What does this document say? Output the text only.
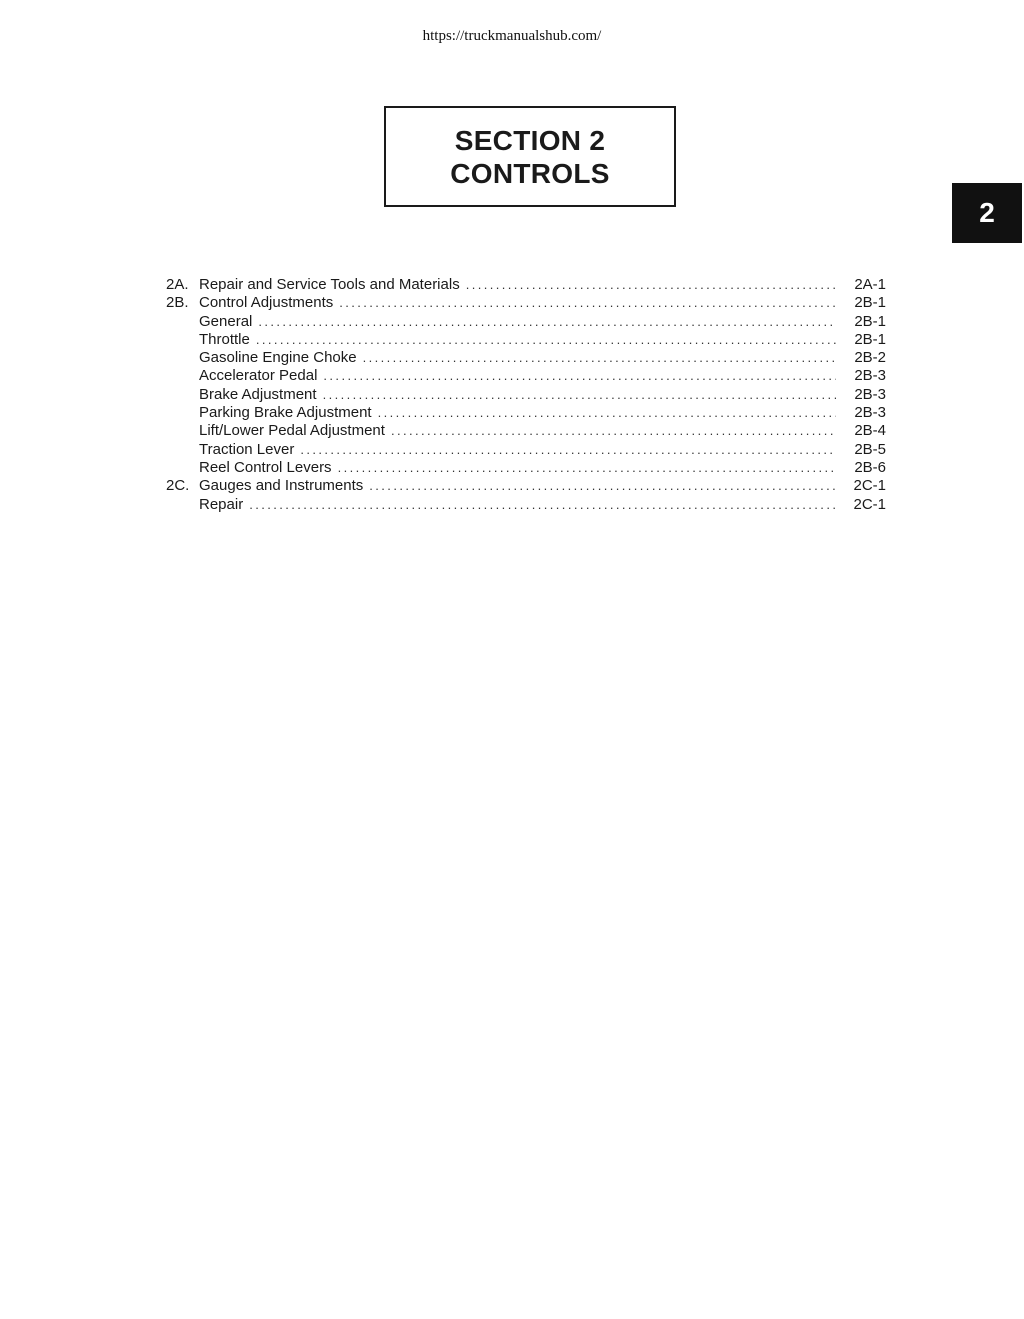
https://truckmanualshub.com/
SECTION 2
CONTROLS
2
2A. Repair and Service Tools and Materials .....	2A-1
2B. Control Adjustments .....	2B-1
General .....	2B-1
Throttle .....	2B-1
Gasoline Engine Choke .....	2B-2
Accelerator Pedal .....	2B-3
Brake Adjustment .....	2B-3
Parking Brake Adjustment .....	2B-3
Lift/Lower Pedal Adjustment .....	2B-4
Traction Lever .....	2B-5
Reel Control Levers .....	2B-6
2C. Gauges and Instruments .....	2C-1
Repair .....	2C-1
